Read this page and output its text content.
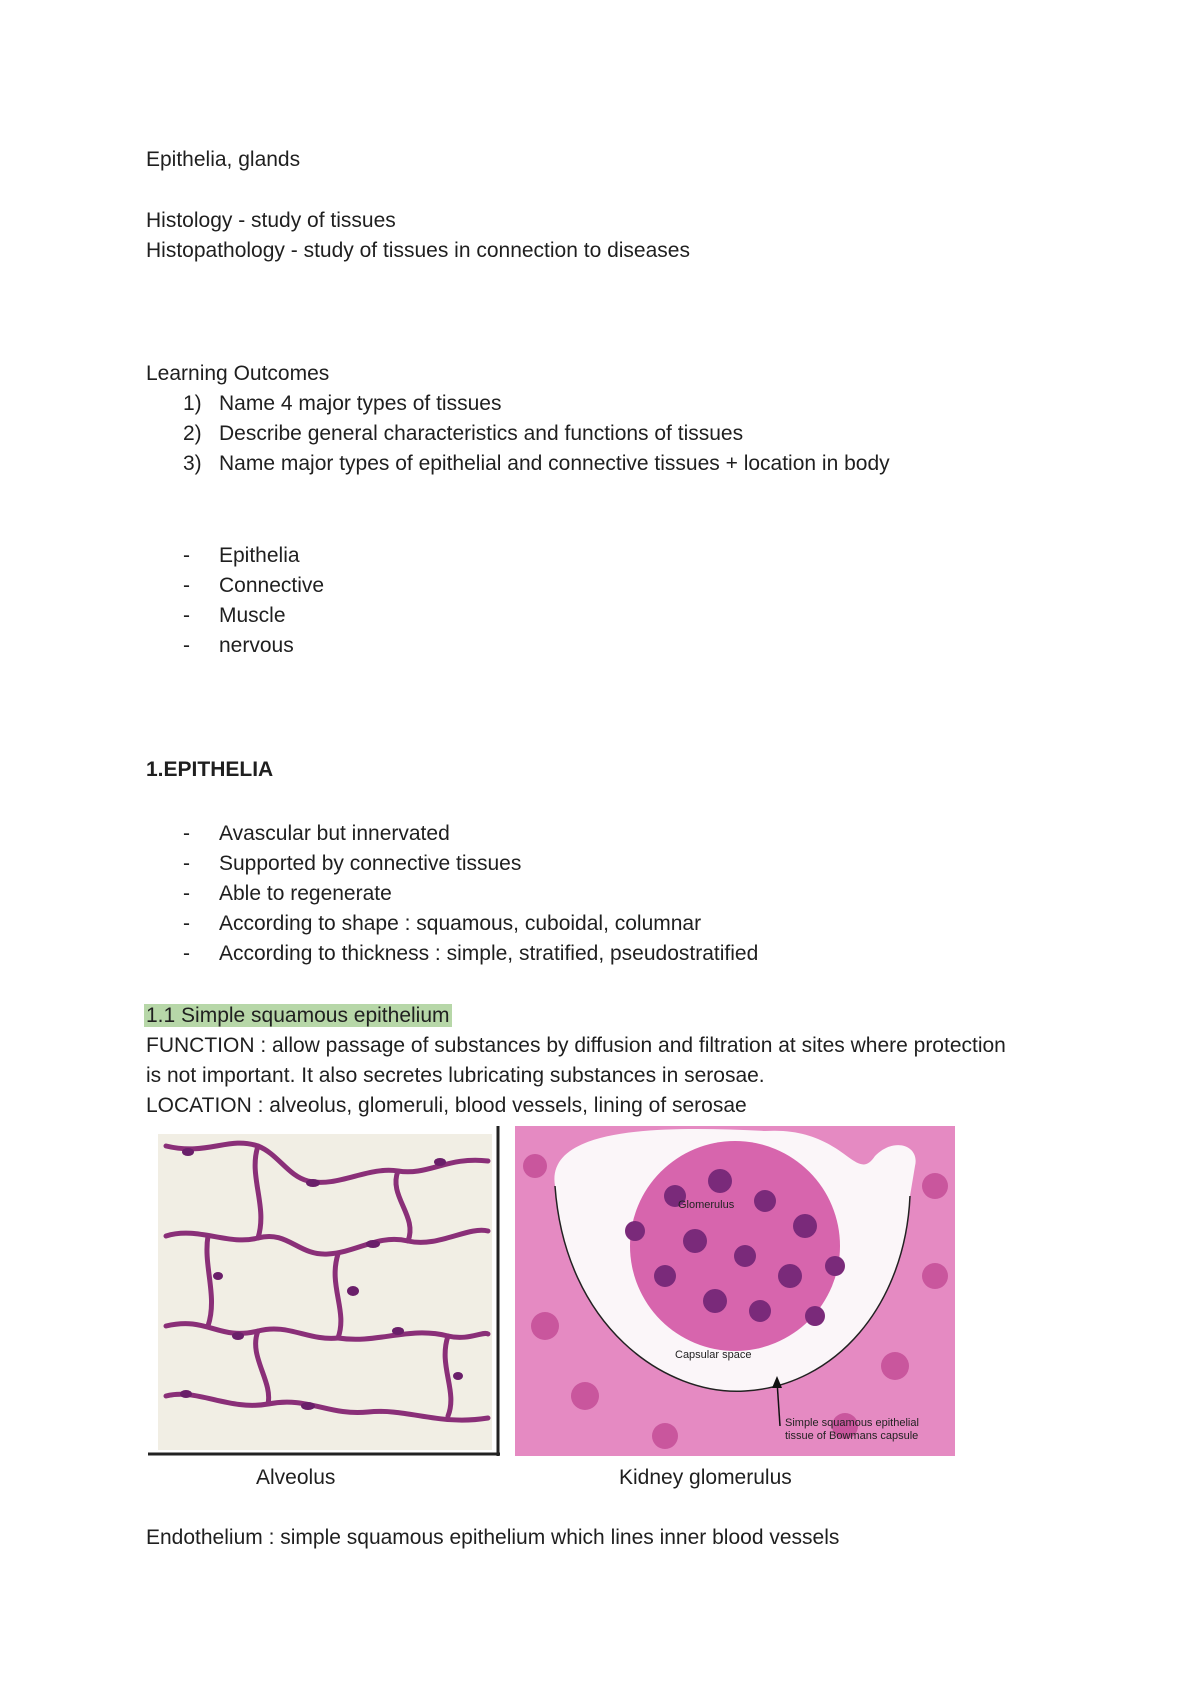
Epithelia, glands
Histology - study of tissues
Histopathology - study of tissues in connection to diseases
Learning Outcomes
1) Name 4 major types of tissues
2) Describe general characteristics and functions of tissues
3) Name major types of epithelial and connective tissues + location in body
- Epithelia
- Connective
- Muscle
- nervous
1.EPITHELIA
- Avascular but innervated
- Supported by connective tissues
- Able to regenerate
- According to shape : squamous, cuboidal, columnar
- According to thickness : simple, stratified, pseudostratified
1.1 Simple squamous epithelium
FUNCTION : allow passage of substances by diffusion and filtration at sites where protection
is not important. It also secretes lubricating substances in serosae.
LOCATION : alveolus, glomeruli, blood vessels, lining of serosae
Glomerulus
Capsular space
Simple squamous epithelial
tissue of Bowmans capsule
Alveolus	Kidney glomerulus
Endothelium : simple squamous epithelium which lines inner blood vessels
